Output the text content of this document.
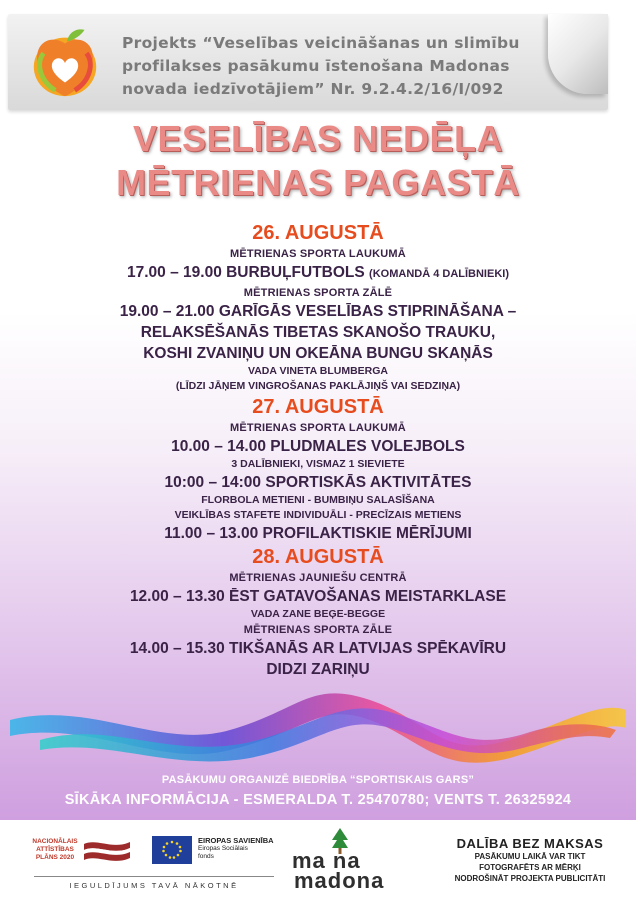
Projekts “Veselības veicināšanas un slimību
profilakses pasākumu īstenošana Madonas
novada iedzīvotājiem” Nr. 9.2.4.2/16/I/092
VESELĪBAS NEDĒĻA
MĒTRIENAS PAGASTĀ
26. AUGUSTĀ
MĒTRIENAS SPORTA LAUKUMĀ
17.00 – 19.00 BURBUĻFUTBOLS (KOMANDĀ 4 DALĪBNIEKI)
MĒTRIENAS SPORTA ZĀLĒ
19.00 – 21.00 GARĪGĀS VESELĪBAS STIPRINĀŠANA –
RELAKSĒŠANĀS TIBETAS SKANOŠO TRAUKU,
KOSHI ZVANIŅU UN OKEĀNA BUNGU SKAŅĀS
VADA VINETA BLUMBERGA
(LĪDZI JĀŅEM VINGROŠANAS PAKLĀJIŅŠ VAI SEDZIŅA)
27. AUGUSTĀ
MĒTRIENAS SPORTA LAUKUMĀ
10.00 – 14.00 PLUDMALES VOLEJBOLS
3 DALĪBNIEKI, VISMAZ 1 SIEVIETE
10:00 – 14:00 SPORTISKĀS AKTIVITĀTES
FLORBOLA METIENI - BUMBIŅU SALASĪŠANA
VEIKLĪBAS STAFETE INDIVIDUĀLI - PRECĪZAIS METIENS
11.00 – 13.00 PROFILAKTISKIE MĒRĪJUMI
28. AUGUSTĀ
MĒTRIENAS JAUNIEŠU CENTRĀ
12.00 – 13.30 ĒST GATAVOŠANAS MEISTARKLASE
VADA ZANE BEĢE-BEGGE
MĒTRIENAS SPORTA ZĀLE
14.00 – 15.30 TIKŠANĀS AR LATVIJAS SPĒKAVĪRU
DIDZI ZARIŅU
PASĀKUMU ORGANIZĒ BIEDRĪBA “SPORTISKAIS GARS”
SĪKĀKA INFORMĀCIJA - ESMERALDA T. 25470780; VENTS T. 26325924
NACIONĀLAIS
ATTĪSTĪBAS
PLĀNS 2020
EIROPAS SAVIENĪBA
Eiropas Sociālais
fonds
IEGULDĪJUMS TAVĀ NĀKOTNĒ
ma na
madona
DALĪBA BEZ MAKSAS
PASĀKUMU LAIKĀ VAR TIKT
FOTOGRAFĒTS AR MĒRĶI
NODROŠINĀT PROJEKTA PUBLICITĀTI
